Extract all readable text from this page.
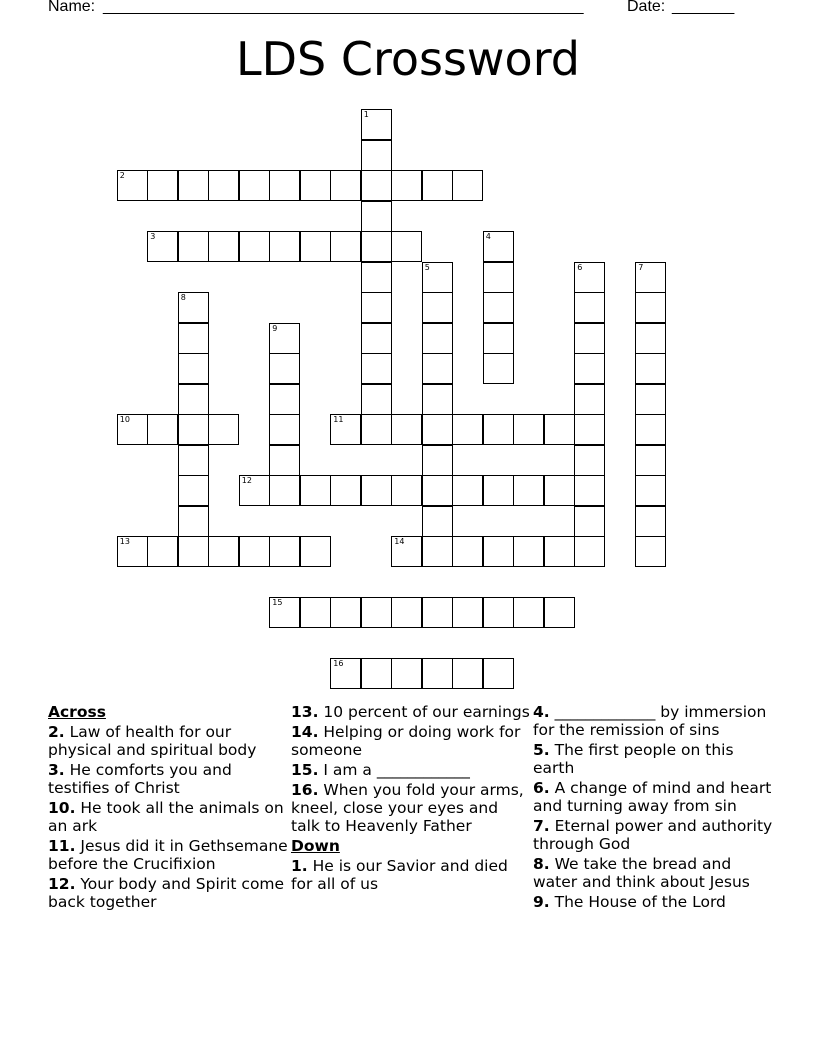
Name: ______________________________________________________	Date: _______
LDS Crossword
1
2
3	4
5	6	7
8
9
10	11
12
13	14
15
16
Across
2. Law of health for our physical and spiritual body
3. He comforts you and testifies of Christ
10. He took all the animals on an ark
11. Jesus did it in Gethsemane before the Crucifixion
12. Your body and Spirit come back together
13. 10 percent of our earnings
14. Helping or doing work for someone
15. I am a ____________
16. When you fold your arms, kneel, close your eyes and talk to Heavenly Father
Down
1. He is our Savior and died for all of us
4. _____________ by immersion for the remission of sins
5. The first people on this earth
6. A change of mind and heart and turning away from sin
7. Eternal power and authority through God
8. We take the bread and water and think about Jesus
9. The House of the Lord
